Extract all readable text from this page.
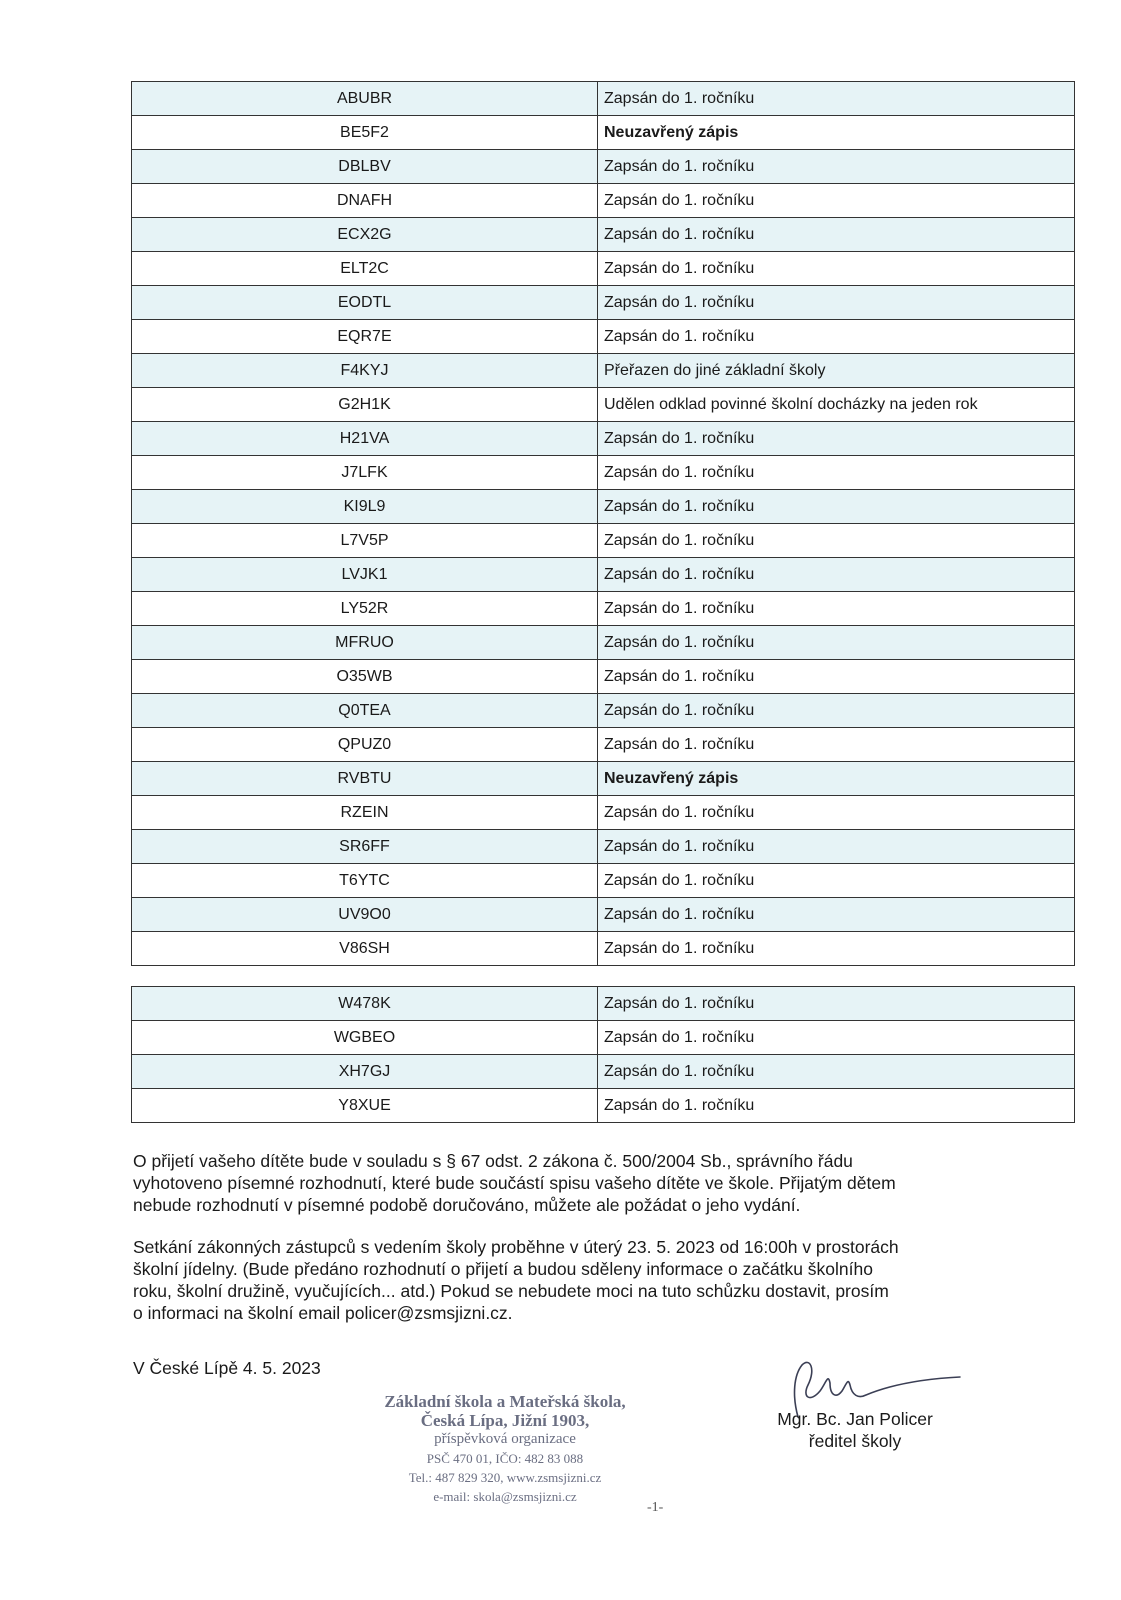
ABUBR	Zapsán do 1. ročníku
BE5F2	Neuzavřený zápis
DBLBV	Zapsán do 1. ročníku
DNAFH	Zapsán do 1. ročníku
ECX2G	Zapsán do 1. ročníku
ELT2C	Zapsán do 1. ročníku
EODTL	Zapsán do 1. ročníku
EQR7E	Zapsán do 1. ročníku
F4KYJ	Přeřazen do jiné základní školy
G2H1K	Udělen odklad povinné školní docházky na jeden rok
H21VA	Zapsán do 1. ročníku
J7LFK	Zapsán do 1. ročníku
KI9L9	Zapsán do 1. ročníku
L7V5P	Zapsán do 1. ročníku
LVJK1	Zapsán do 1. ročníku
LY52R	Zapsán do 1. ročníku
MFRUO	Zapsán do 1. ročníku
O35WB	Zapsán do 1. ročníku
Q0TEA	Zapsán do 1. ročníku
QPUZ0	Zapsán do 1. ročníku
RVBTU	Neuzavřený zápis
RZEIN	Zapsán do 1. ročníku
SR6FF	Zapsán do 1. ročníku
T6YTC	Zapsán do 1. ročníku
UV9O0	Zapsán do 1. ročníku
V86SH	Zapsán do 1. ročníku
W478K	Zapsán do 1. ročníku
WGBEO	Zapsán do 1. ročníku
XH7GJ	Zapsán do 1. ročníku
Y8XUE	Zapsán do 1. ročníku

O přijetí vašeho dítěte bude v souladu s § 67 odst. 2 zákona č. 500/2004 Sb., správního řádu
vyhotoveno písemné rozhodnutí, které bude součástí spisu vašeho dítěte ve škole. Přijatým dětem
nebude rozhodnutí v písemné podobě doručováno, můžete ale požádat o jeho vydání.

Setkání zákonných zástupců s vedením školy proběhne v úterý 23. 5. 2023 od 16:00h v prostorách
školní jídelny. (Bude předáno rozhodnutí o přijetí a budou sděleny informace o začátku školního
roku, školní družině, vyučujících... atd.) Pokud se nebudete moci na tuto schůzku dostavit, prosím
o informaci na školní email policer@zsmsjizni.cz.

V České Lípě 4. 5. 2023
Základní škola a Mateřská škola,
Česká Lípa, Jižní 1903,
příspěvková organizace
PSČ 470 01, IČO: 482 83 088
Tel.: 487 829 320, www.zsmsjizni.cz
e-mail: skola@zsmsjizni.cz
Mgr. Bc. Jan Policer
ředitel školy
-1-
